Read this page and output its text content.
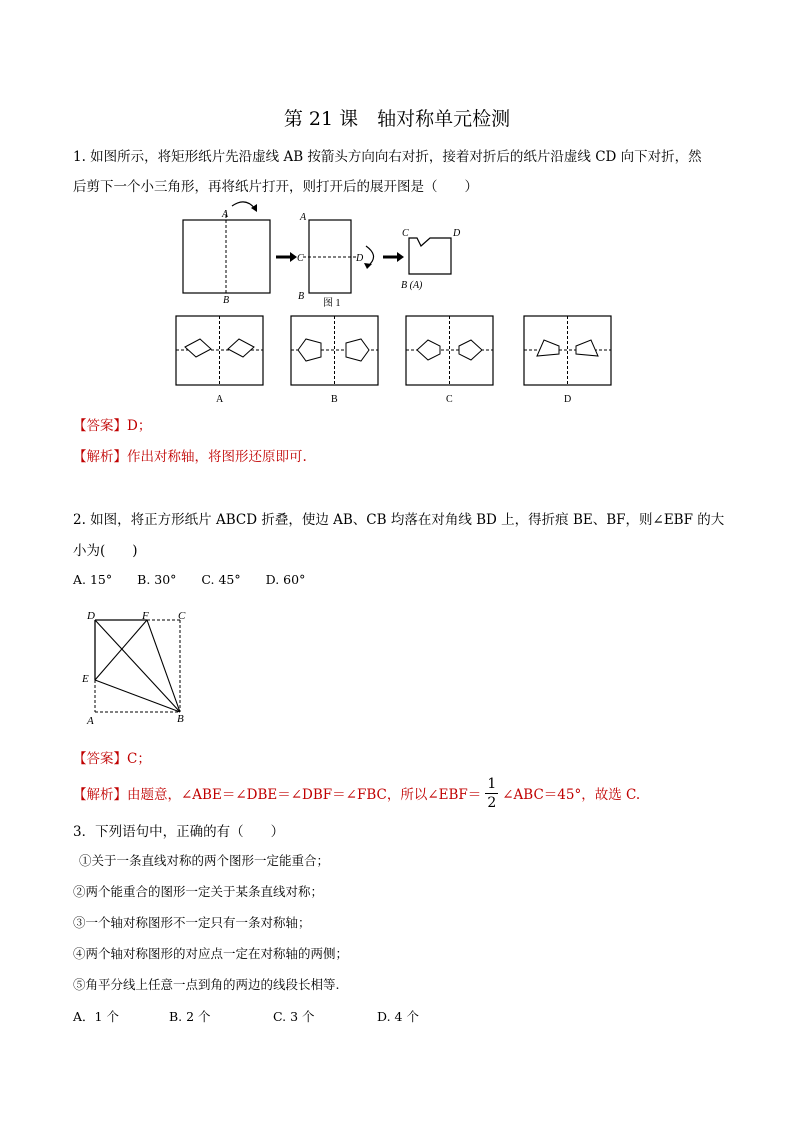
第 21 课　轴对称单元检测
1. 如图所示，将矩形纸片先沿虚线 AB 按箭头方向向右对折，接着对折后的纸片沿虚线 CD 向下对折，然
后剪下一个小三角形，再将纸片打开，则打开后的展开图是（　　）
A
B
A
B
C	D
图 1
C	D
B (A)
A	B	C	D
【答案】D；
【解析】作出对称轴，将图形还原即可.
2. 如图，将正方形纸片 ABCD 折叠，使边 AB、CB 均落在对角线 BD 上，得折痕 BE、BF，则∠EBF 的大
小为(　　)
A. 15°　　B. 30°　　C. 45°　　D. 60°
D	F	C
E
A	B
【答案】C；
【解析】 由题意，∠ABE＝∠DBE＝∠DBF＝∠FBC，所以∠EBF＝ $\frac{1}{2}$ ∠ABC＝45°，故选 C.
3．下列语句中，正确的有（　　）
①关于一条直线对称的两个图形一定能重合；
②两个能重合的图形一定关于某条直线对称；
③一个轴对称图形不一定只有一条对称轴；
④两个轴对称图形的对应点一定在对称轴的两侧；
⑤角平分线上任意一点到角的两边的线段长相等.
A．1 个　　　　B. 2 个　　　　　C. 3 个　　　　　D. 4 个
